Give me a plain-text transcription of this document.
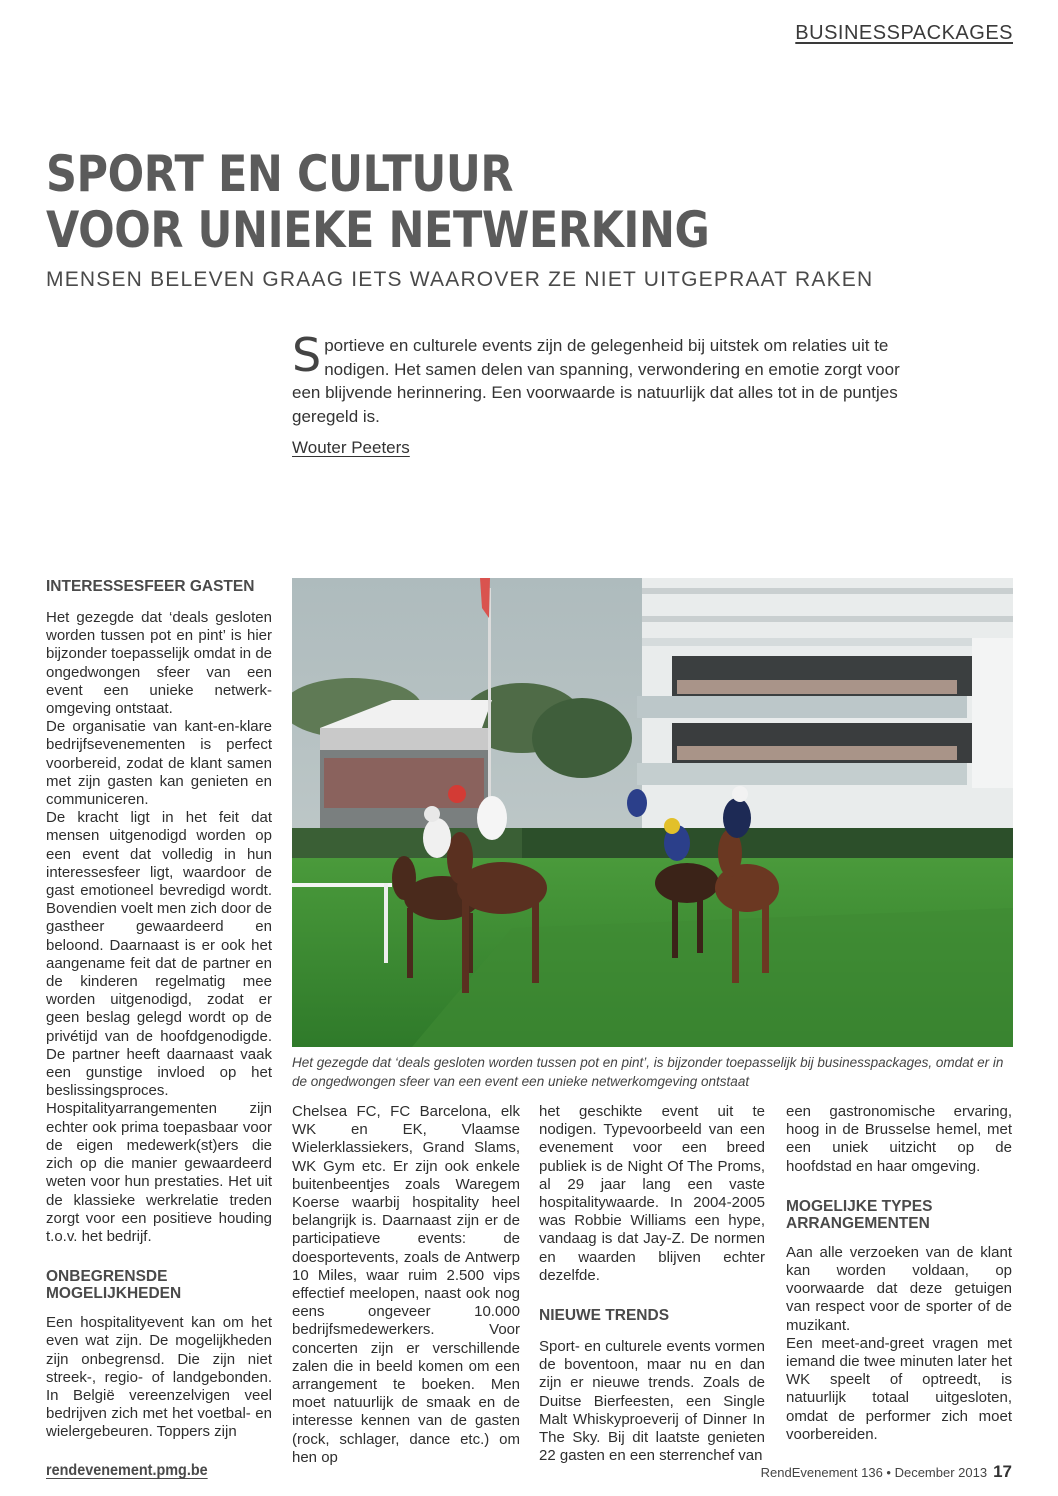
BUSINESSPACKAGES
SPORT EN CULTUUR
VOOR UNIEKE NETWERKING
MENSEN BELEVEN GRAAG IETS WAAROVER ZE NIET UITGEPRAAT RAKEN
Sportieve en culturele events zijn de gelegenheid bij uitstek om relaties uit te nodigen. Het samen delen van spanning, verwondering en emotie zorgt voor een blijvende herinnering. Een voorwaarde is natuurlijk dat alles tot in de puntjes geregeld is.
Wouter Peeters
INTERESSESFEER GASTEN

Het gezegde dat ‘deals gesloten worden tussen pot en pint’ is hier bijzonder toepasselijk omdat in de ongedwongen sfeer van een event een unieke netwerk-omgeving ontstaat.

De organisatie van kant-en-klare bedrijfsevenementen is perfect voorbereid, zodat de klant samen met zijn gasten kan genieten en communiceren.

De kracht ligt in het feit dat mensen uitgenodigd worden op een event dat volledig in hun interessesfeer ligt, waardoor de gast emotioneel bevredigd wordt. Bovendien voelt men zich door de gastheer gewaardeerd en beloond. Daarnaast is er ook het aangename feit dat de partner en de kinderen regelmatig mee worden uitgenodigd, zodat er geen beslag gelegd wordt op de privétijd van de hoofdgenodigde. De partner heeft daarnaast vaak een gunstige invloed op het beslissingsproces.

Hospitalityarrangementen zijn echter ook prima toepasbaar voor de eigen medewerk(st)ers die zich op die manier gewaardeerd weten voor hun prestaties. Het uit de klassieke werkrelatie treden zorgt voor een positieve houding t.o.v. het bedrijf.

ONBEGRENSDE MOGELIJKHEDEN

Een hospitalityevent kan om het even wat zijn. De mogelijkheden zijn onbegrensd. Die zijn niet streek-, regio- of landgebonden. In België vereenzelvigen veel bedrijven zich met het voetbal- en wielergebeuren. Toppers zijn

Het gezegde dat ‘deals gesloten worden tussen pot en pint’, is bijzonder toepasselijk bij businesspackages, omdat er in de ongedwongen sfeer van een event een unieke netwerkomgeving ontstaat

Chelsea FC, FC Barcelona, elk WK en EK, Vlaamse Wielerklassiekers, Grand Slams, WK Gym etc. Er zijn ook enkele buitenbeentjes zoals Waregem Koerse waarbij hospitality heel belangrijk is. Daarnaast zijn er de participatieve events: de doesportevents, zoals de Antwerp 10 Miles, waar ruim 2.500 vips effectief meelopen, naast ook nog eens ongeveer 10.000 bedrijfsmedewerkers. Voor concerten zijn er verschillende zalen die in beeld komen om een arrangement te boeken. Men moet natuurlijk de smaak en de interesse kennen van de gasten (rock, schlager, dance etc.) om hen op

het geschikte event uit te nodigen. Typevoorbeeld van een evenement voor een breed publiek is de Night Of The Proms, al 29 jaar lang een vaste hospitalitywaarde. In 2004-2005 was Robbie Williams een hype, vandaag is dat Jay-Z. De normen en waarden blijven echter dezelfde.

NIEUWE TRENDS

Sport- en culturele events vormen de boventoon, maar nu en dan zijn er nieuwe trends. Zoals de Duitse Bierfeesten, een Single Malt Whiskyproeverij of Dinner In The Sky. Bij dit laatste genieten 22 gasten en een sterrenchef van

een gastronomische ervaring, hoog in de Brusselse hemel, met een uniek uitzicht op de hoofdstad en haar omgeving.

MOGELIJKE TYPES ARRANGEMENTEN

Aan alle verzoeken van de klant kan worden voldaan, op voorwaarde dat deze getuigen van respect voor de sporter of de muzikant.

Een meet-and-greet vragen met iemand die twee minuten later het WK speelt of optreedt, is natuurlijk totaal uitgesloten, omdat de performer zich moet voorbereiden.

rendevenement.pmg.be	RendEvenement 136 • December 2013 17
